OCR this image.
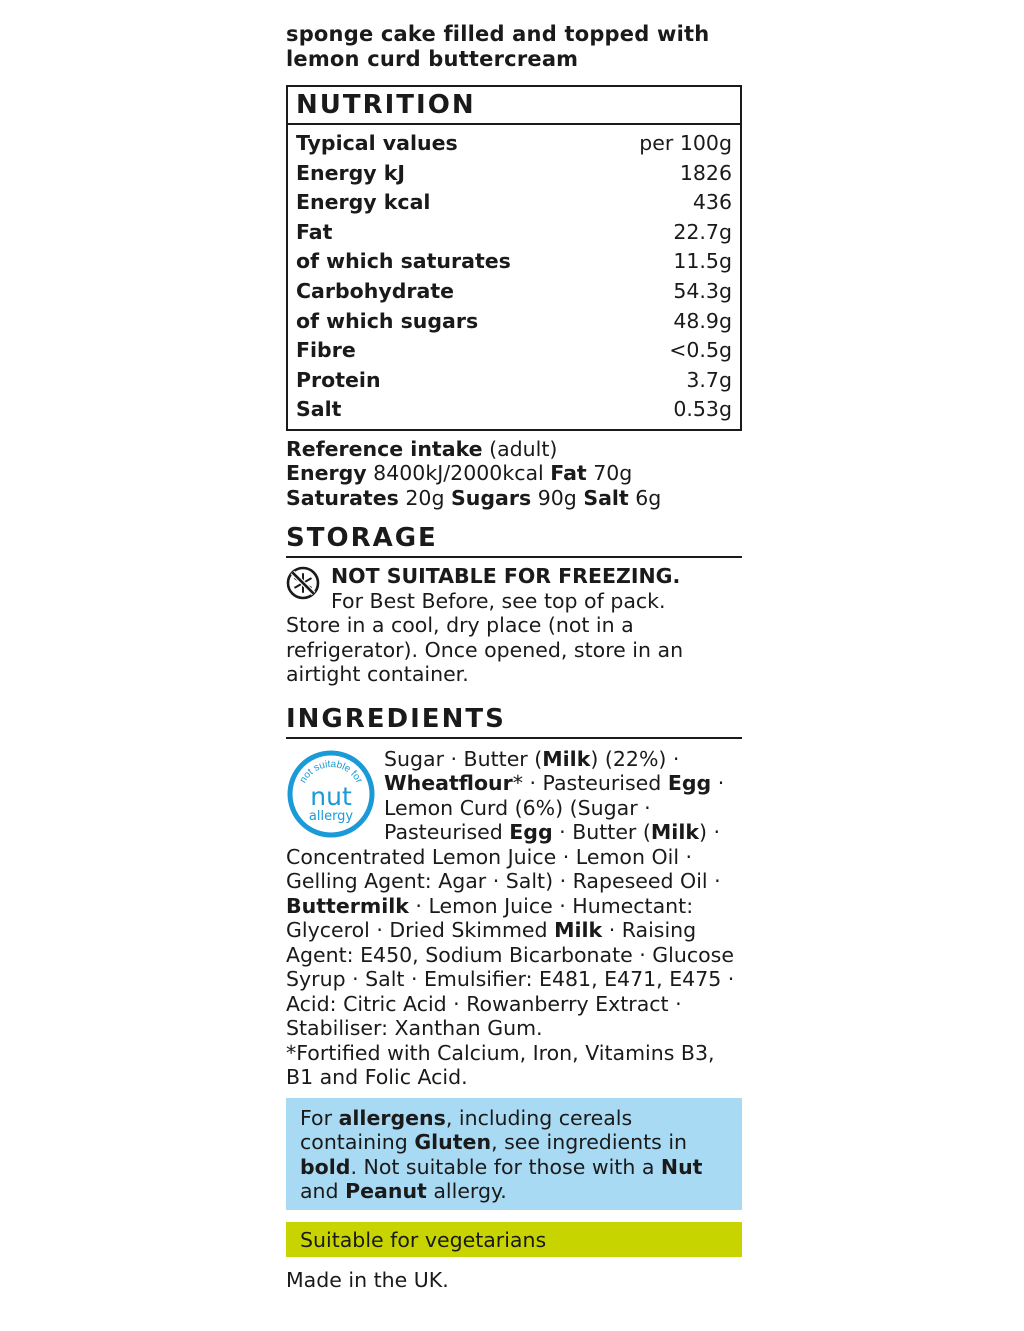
sponge cake filled and topped with
lemon curd buttercream

NUTRITION
Typical values	per 100g
Energy kJ	1826
Energy kcal	436
Fat	22.7g
of which saturates	11.5g
Carbohydrate	54.3g
of which sugars	48.9g
Fibre	<0.5g
Protein	3.7g
Salt	0.53g
Reference intake (adult)
Energy 8400kJ/2000kcal Fat 70g
Saturates 20g Sugars 90g Salt 6g
STORAGE
NOT SUITABLE FOR FREEZING.
For Best Before, see top of pack.
Store in a cool, dry place (not in a refrigerator). Once opened, store in an airtight container.
INGREDIENTS
not suitable for
nut
allergy
Sugar · Butter (Milk) (22%) · Wheatflour* · Pasteurised Egg · Lemon Curd (6%) (Sugar · Pasteurised Egg · Butter (Milk) · Concentrated Lemon Juice · Lemon Oil · Gelling Agent: Agar · Salt) · Rapeseed Oil · Buttermilk · Lemon Juice · Humectant: Glycerol · Dried Skimmed Milk · Raising Agent: E450, Sodium Bicarbonate · Glucose Syrup · Salt · Emulsifier: E481, E471, E475 · Acid: Citric Acid · Rowanberry Extract · Stabiliser: Xanthan Gum.
*Fortified with Calcium, Iron, Vitamins B3, B1 and Folic Acid.
For allergens, including cereals containing Gluten, see ingredients in bold. Not suitable for those with a Nut and Peanut allergy.
Suitable for vegetarians
Made in the UK.
